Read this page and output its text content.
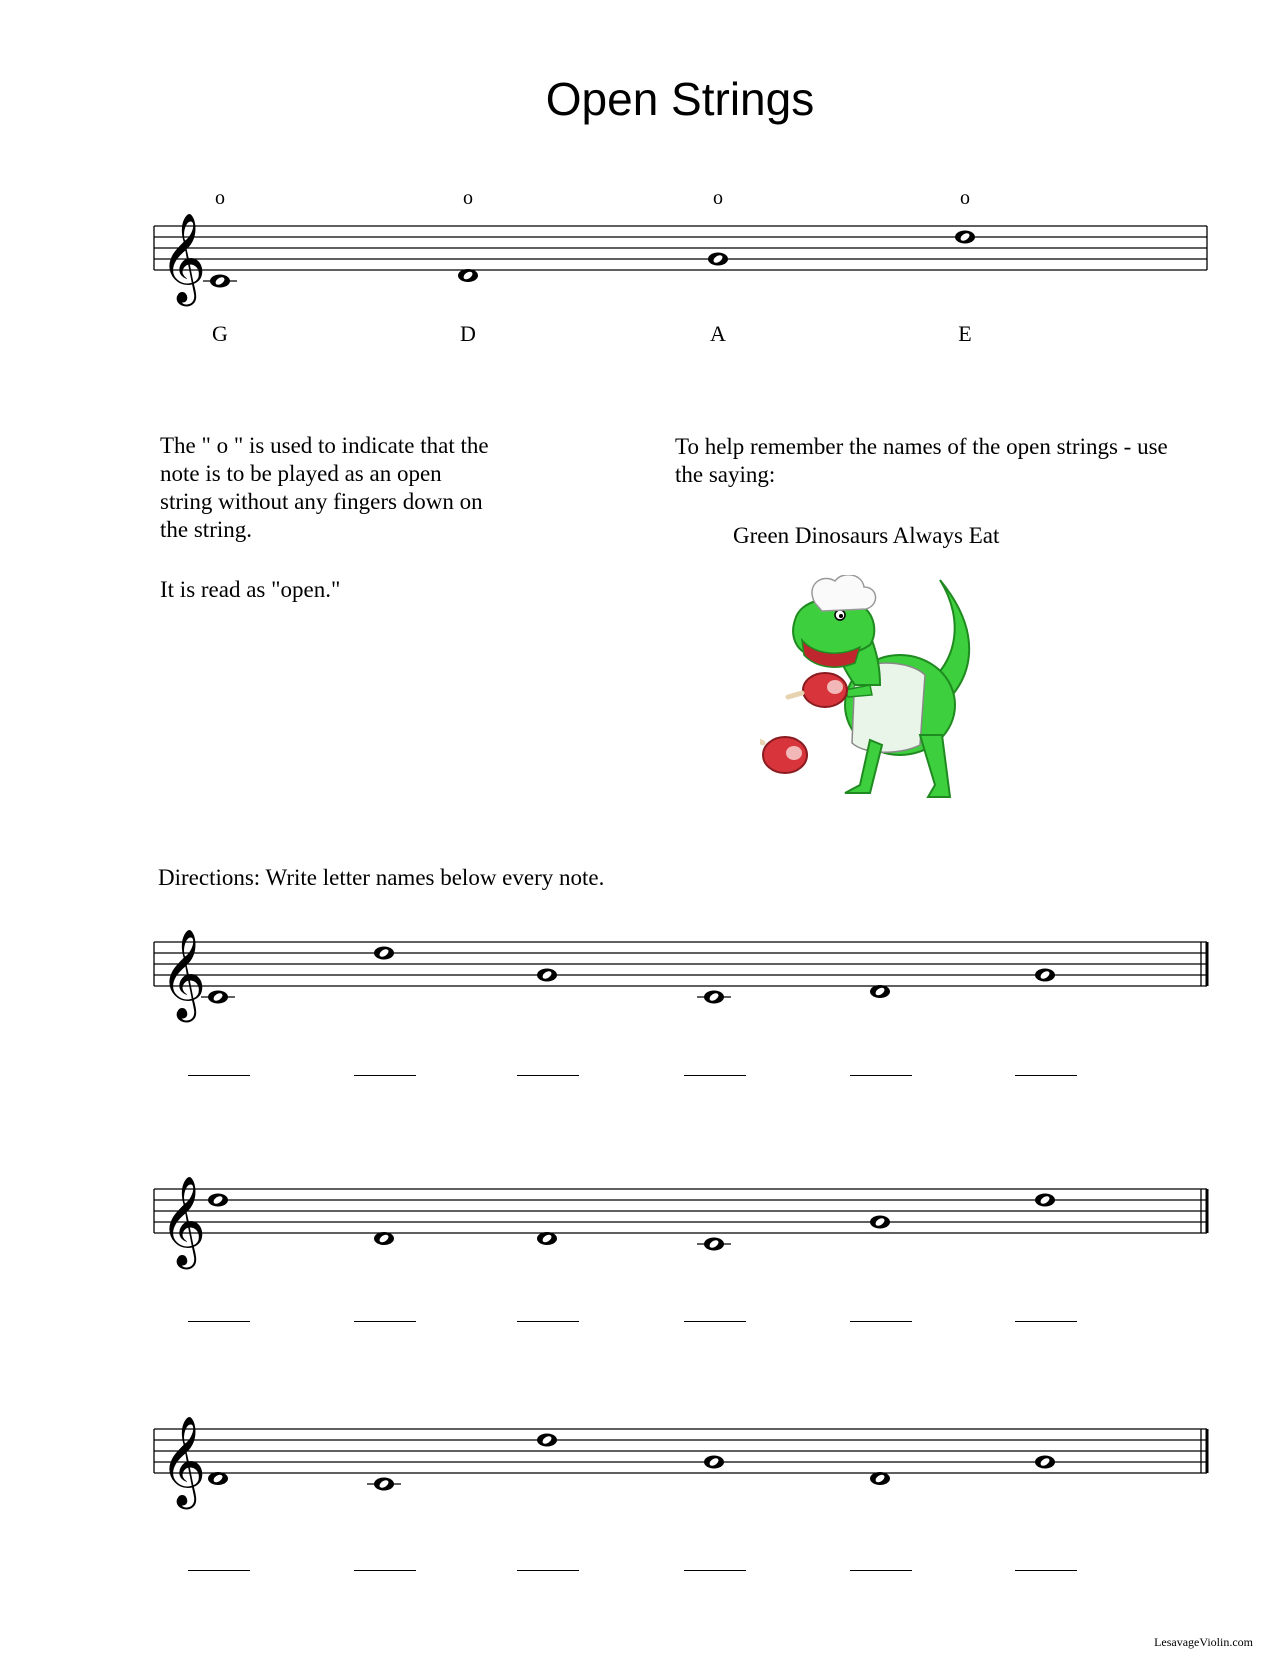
Open Strings
𝄞
o
G
o
D
o
A
o
E
The " o " is used to indicate that the note is to be played as an open string without any fingers down on the string.
It is read as "open."
To help remember the names of the open strings - use the saying:
Green Dinosaurs Always Eat
Directions: Write letter names below every note.
𝄞
𝄞
𝄞
LesavageViolin.com
